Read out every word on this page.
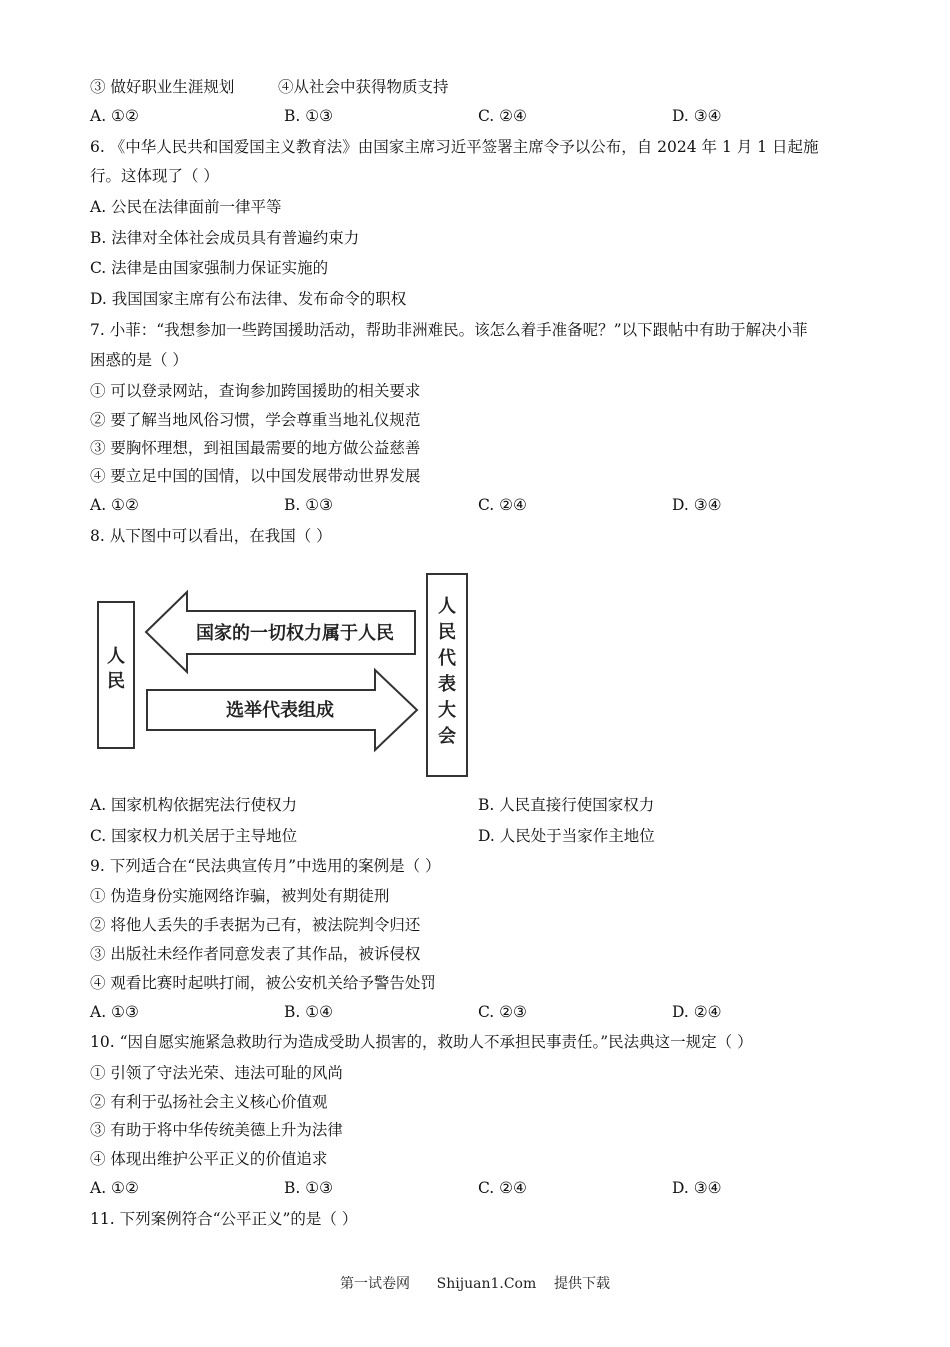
③ 做好职业生涯规划	④从社会中获得物质支持
A. ①②	B. ①③	C. ②④	D. ③④
6. 《中华人民共和国爱国主义教育法》由国家主席习近平签署主席令予以公布，自 2024 年 1 月 1 日起施
行。这体现了（ ）
A. 公民在法律面前一律平等
B. 法律对全体社会成员具有普遍约束力
C. 法律是由国家强制力保证实施的
D. 我国国家主席有公布法律、发布命令的职权
7. 小菲：“我想参加一些跨国援助活动，帮助非洲难民。该怎么着手准备呢？”以下跟帖中有助于解决小菲
困惑的是（ ）
① 可以登录网站，查询参加跨国援助的相关要求
② 要了解当地风俗习惯，学会尊重当地礼仪规范
③ 要胸怀理想，到祖国最需要的地方做公益慈善
④ 要立足中国的国情，以中国发展带动世界发展
A. ①②	B. ①③	C. ②④	D. ③④
8. 从下图中可以看出，在我国（ ）
人
民
国家的一切权力属于人民
选举代表组成
人
民
代
表
大
会
A. 国家机构依据宪法行使权力	B. 人民直接行使国家权力
C. 国家权力机关居于主导地位	D. 人民处于当家作主地位
9. 下列适合在“民法典宣传月”中选用的案例是（ ）
① 伪造身份实施网络诈骗，被判处有期徒刑
② 将他人丢失的手表据为己有，被法院判令归还
③ 出版社未经作者同意发表了其作品，被诉侵权
④ 观看比赛时起哄打闹，被公安机关给予警告处罚
A. ①③	B. ①④	C. ②③	D. ②④
10. “因自愿实施紧急救助行为造成受助人损害的，救助人不承担民事责任。”民法典这一规定（ ）
① 引领了守法光荣、违法可耻的风尚
② 有利于弘扬社会主义核心价值观
③ 有助于将中华传统美德上升为法律
④ 体现出维护公平正义的价值追求
A. ①②	B. ①③	C. ②④	D. ③④
11. 下列案例符合“公平正义”的是（ ）
第一试卷网      Shijuan1.Com    提供下载
